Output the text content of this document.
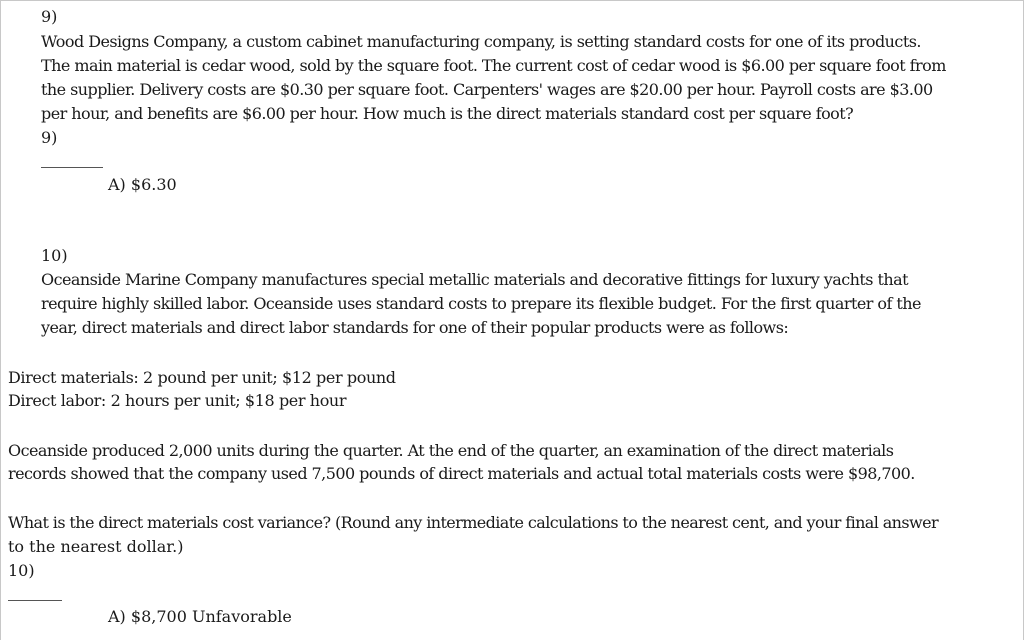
9)
Wood Designs Company, a custom cabinet manufacturing company, is setting standard costs for one of its products.
The main material is cedar wood, sold by the square foot. The current cost of cedar wood is $6.00 per square foot from
the supplier. Delivery costs are $0.30 per square foot. Carpenters' wages are $20.00 per hour. Payroll costs are $3.00
per hour, and benefits are $6.00 per hour. How much is the direct materials standard cost per square foot?
9)
A) $6.30
10)
Oceanside Marine Company manufactures special metallic materials and decorative fittings for luxury yachts that
require highly skilled labor. Oceanside uses standard costs to prepare its flexible budget. For the first quarter of the
year, direct materials and direct labor standards for one of their popular products were as follows:
Direct materials: 2 pound per unit; $12 per pound
Direct labor: 2 hours per unit; $18 per hour
Oceanside produced 2,000 units during the quarter. At the end of the quarter, an examination of the direct materials
records showed that the company used 7,500 pounds of direct materials and actual total materials costs were $98,700.
What is the direct materials cost variance? (Round any intermediate calculations to the nearest cent, and your final answer
to the nearest dollar.)
10)
A) $8,700 Unfavorable
